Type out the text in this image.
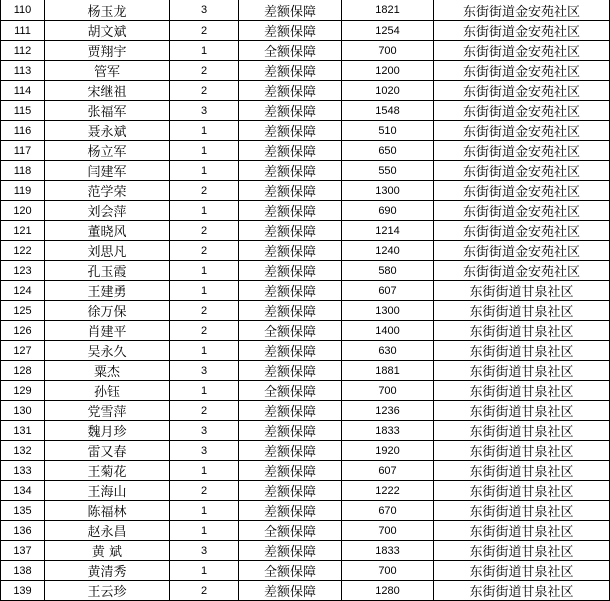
110	杨玉龙	3	差额保障	1821	东街街道金安苑社区
111	胡文斌	2	差额保障	1254	东街街道金安苑社区
112	贾翔宇	1	全额保障	700	东街街道金安苑社区
113	管军	2	差额保障	1200	东街街道金安苑社区
114	宋继祖	2	差额保障	1020	东街街道金安苑社区
115	张福军	3	差额保障	1548	东街街道金安苑社区
116	聂永斌	1	差额保障	510	东街街道金安苑社区
117	杨立军	1	差额保障	650	东街街道金安苑社区
118	闫建军	1	差额保障	550	东街街道金安苑社区
119	范学荣	2	差额保障	1300	东街街道金安苑社区
120	刘会萍	1	差额保障	690	东街街道金安苑社区
121	董晓风	2	差额保障	1214	东街街道金安苑社区
122	刘思凡	2	差额保障	1240	东街街道金安苑社区
123	孔玉霞	1	差额保障	580	东街街道金安苑社区
124	王建勇	1	差额保障	607	东街街道甘泉社区
125	徐万保	2	差额保障	1300	东街街道甘泉社区
126	肖建平	2	全额保障	1400	东街街道甘泉社区
127	吴永久	1	差额保障	630	东街街道甘泉社区
128	粟杰	3	差额保障	1881	东街街道甘泉社区
129	孙钰	1	全额保障	700	东街街道甘泉社区
130	党雪萍	2	差额保障	1236	东街街道甘泉社区
131	魏月珍	3	差额保障	1833	东街街道甘泉社区
132	雷又春	3	差额保障	1920	东街街道甘泉社区
133	王菊花	1	差额保障	607	东街街道甘泉社区
134	王海山	2	差额保障	1222	东街街道甘泉社区
135	陈福林	1	差额保障	670	东街街道甘泉社区
136	赵永昌	1	全额保障	700	东街街道甘泉社区
137	黄 斌	3	差额保障	1833	东街街道甘泉社区
138	黄清秀	1	全额保障	700	东街街道甘泉社区
139	王云珍	2	差额保障	1280	东街街道甘泉社区
